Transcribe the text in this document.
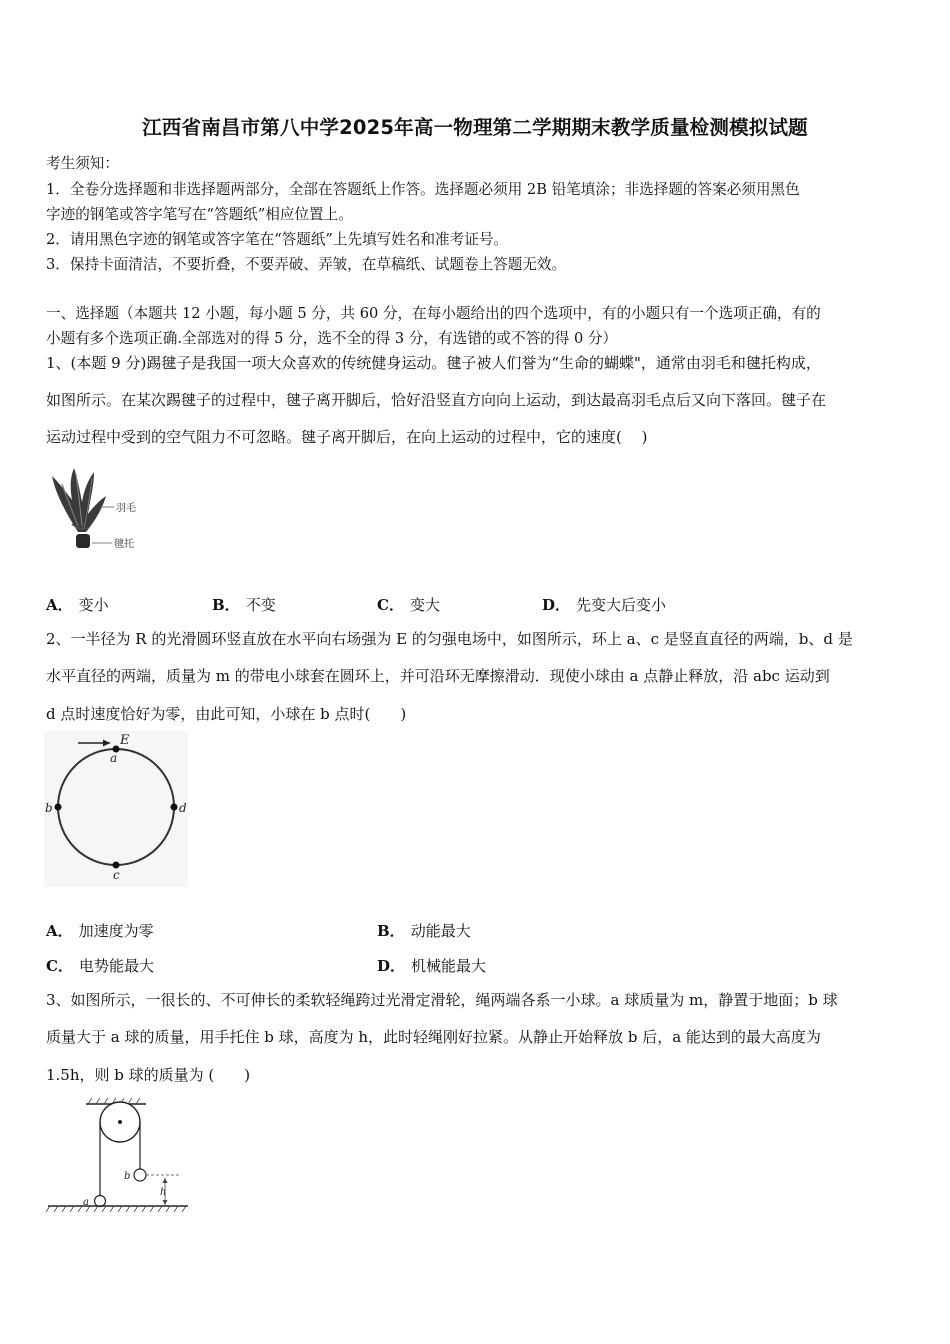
江西省南昌市第八中学2025年高一物理第二学期期末教学质量检测模拟试题
考生须知：
1．全卷分选择题和非选择题两部分，全部在答题纸上作答。选择题必须用 2B 铅笔填涂；非选择题的答案必须用黑色
字迹的钢笔或答字笔写在“答题纸”相应位置上。
2．请用黑色字迹的钢笔或答字笔在“答题纸”上先填写姓名和准考证号。
3．保持卡面清洁，不要折叠，不要弄破、弄皱，在草稿纸、试题卷上答题无效。
一、选择题（本题共 12 小题，每小题 5 分，共 60 分，在每小题给出的四个选项中，有的小题只有一个选项正确，有的
小题有多个选项正确.全部选对的得 5 分，选不全的得 3 分，有选错的或不答的得 0 分）
1、(本题 9 分)踢毽子是我国一项大众喜欢的传统健身运动。毽子被人们誉为“生命的蝴蝶"，通常由羽毛和毽托构成，
如图所示。在某次踢毽子的过程中，毽子离开脚后，恰好沿竖直方向向上运动，到达最高羽毛点后又向下落回。毽子在
运动过程中受到的空气阻力不可忽略。毽子离开脚后，在向上运动的过程中，它的速度(　 )
羽毛
毽托
A． 变小	B． 不变	C． 变大	D． 先变大后变小
2、一半径为 R 的光滑圆环竖直放在水平向右场强为 E 的匀强电场中，如图所示，环上 a、c 是竖直直径的两端，b、d 是
水平直径的两端，质量为 m 的带电小球套在圆环上，并可沿环无摩擦滑动．现使小球由 a 点静止释放，沿 abc 运动到
d 点时速度恰好为零，由此可知，小球在 b 点时(　　)
E
a
b	d
c
A． 加速度为零	B． 动能最大
C． 电势能最大	D． 机械能最大
3、如图所示，一很长的、不可伸长的柔软轻绳跨过光滑定滑轮，绳两端各系一小球。a 球质量为 m，静置于地面；b 球
质量大于 a 球的质量，用手托住 b 球，高度为 h，此时轻绳刚好拉紧。从静止开始释放 b 后，a 能达到的最大高度为
1.5h，则 b 球的质量为 (　　)
b
h
a
